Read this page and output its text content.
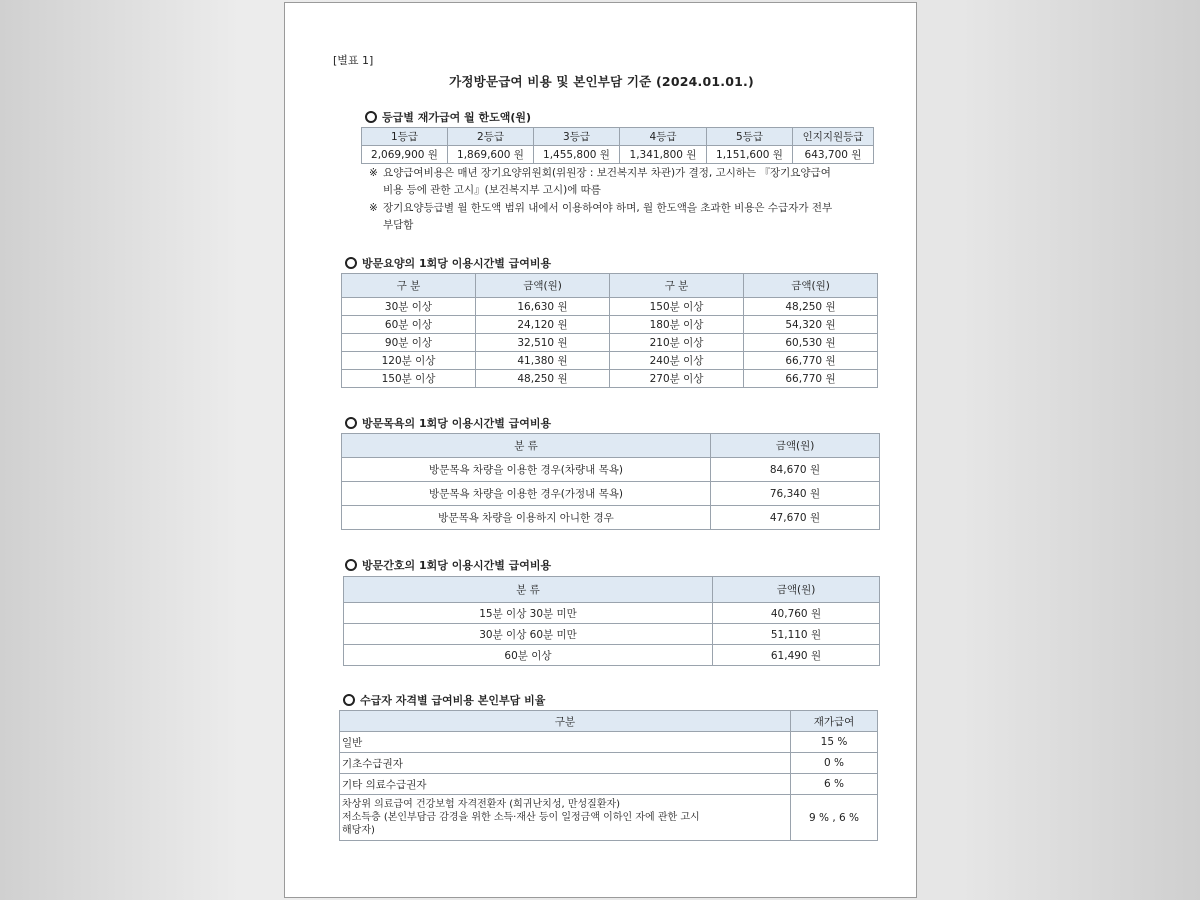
[별표 1]
가정방문급여 비용 및 본인부담 기준 (2024.01.01.)
등급별 재가급여 월 한도액(원)
1등급	2등급	3등급	4등급	5등급	인지지원등급
2,069,900 원	1,869,600 원	1,455,800 원	1,341,800 원	1,151,600 원	643,700 원
※ 요양급여비용은 매년 장기요양위원회(위원장 : 보건복지부 차관)가 결정, 고시하는 『장기요양급여
비용 등에 관한 고시』(보건복지부 고시)에 따름
※ 장기요양등급별 월 한도액 범위 내에서 이용하여야 하며, 월 한도액을 초과한 비용은 수급자가 전부
부담함
방문요양의 1회당 이용시간별 급여비용
구 분	금액(원)	구 분	금액(원)
30분 이상	16,630 원	150분 이상	48,250 원
60분 이상	24,120 원	180분 이상	54,320 원
90분 이상	32,510 원	210분 이상	60,530 원
120분 이상	41,380 원	240분 이상	66,770 원
150분 이상	48,250 원	270분 이상	66,770 원
방문목욕의 1회당 이용시간별 급여비용
분 류	금액(원)
방문목욕 차량을 이용한 경우(차량내 목욕)	84,670 원
방문목욕 차량을 이용한 경우(가정내 목욕)	76,340 원
방문목욕 차량을 이용하지 아니한 경우	47,670 원
방문간호의 1회당 이용시간별 급여비용
분 류	금액(원)
15분 이상 30분 미만	40,760 원
30분 이상 60분 미만	51,110 원
60분 이상	61,490 원
수급자 자격별 급여비용 본인부담 비율
구분	재가급여
일반	15 %
기초수급권자	0 %
기타 의료수급권자	6 %

차상위 의료급여 건강보험 자격전환자 (희귀난치성, 만성질환자)
저소득층 (본인부담금 감경을 위한 소득·재산 등이 일정금액 이하인 자에 관한 고시
해당자)	9 % , 6 %
